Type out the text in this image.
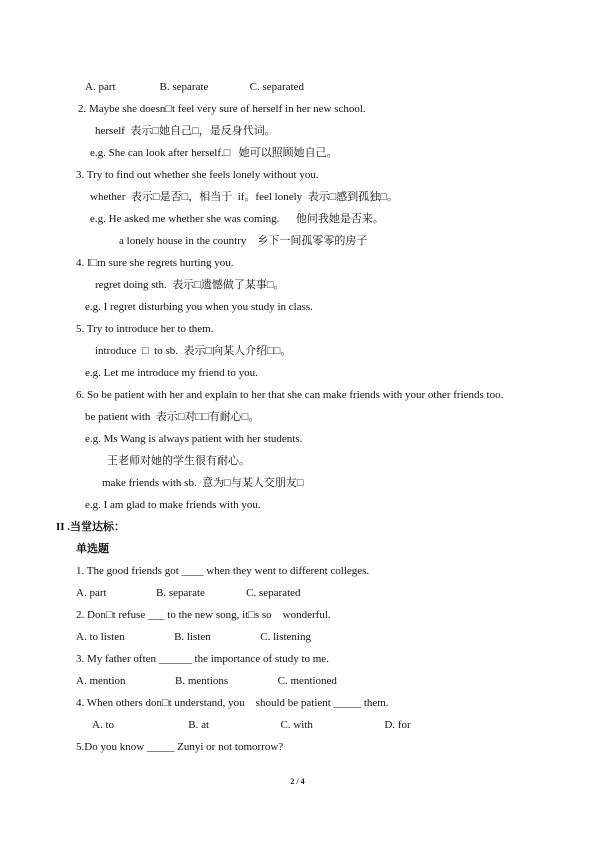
A. part                B. separate               C. separated
2. Maybe she doesn□t feel very sure of herself in her new school.
herself  表示□她自己□，是反身代词。
e.g. She can look after herself.□   她可以照顾她自己。
3. Try to find out whether she feels lonely without you.
whether  表示□是否□，相当于  if。feel lonely  表示□感到孤独□。
e.g. He asked me whether she was coming.      他问我她是否来。
a lonely house in the country    乡下一间孤零零的房子
4. I□m sure she regrets hurting you.
regret doing sth.  表示□遗憾做了某事□。
e.g. I regret disturbing you when you study in class.
5. Try to introduce her to them.
introduce  □  to sb.  表示□向某人介绍□□。
e.g. Let me introduce my friend to you.
6. So be patient with her and explain to her that she can make friends with your other friends too.
be patient with  表示□对□□有耐心□。
e.g. Ms Wang is always patient with her students.
王老师对她的学生很有耐心。
make friends with sb.  意为□与某人交朋友□
e.g. I am glad to make friends with you.
II .当堂达标：
单选题
1. The good friends got ____ when they went to different colleges.
A. part                  B. separate               C. separated
2. Don□t refuse ___ to the new song, it□s so    wonderful.
A. to listen                  B. listen                  C. listening
3. My father often ______ the importance of study to me.
A. mention                  B. mentions                  C. mentioned
4. When others don□t understand, you    should be patient _____ them.
A. to                           B. at                          C. with                          D. for
5.Do you know _____ Zunyi or not tomorrow?
2 / 4
